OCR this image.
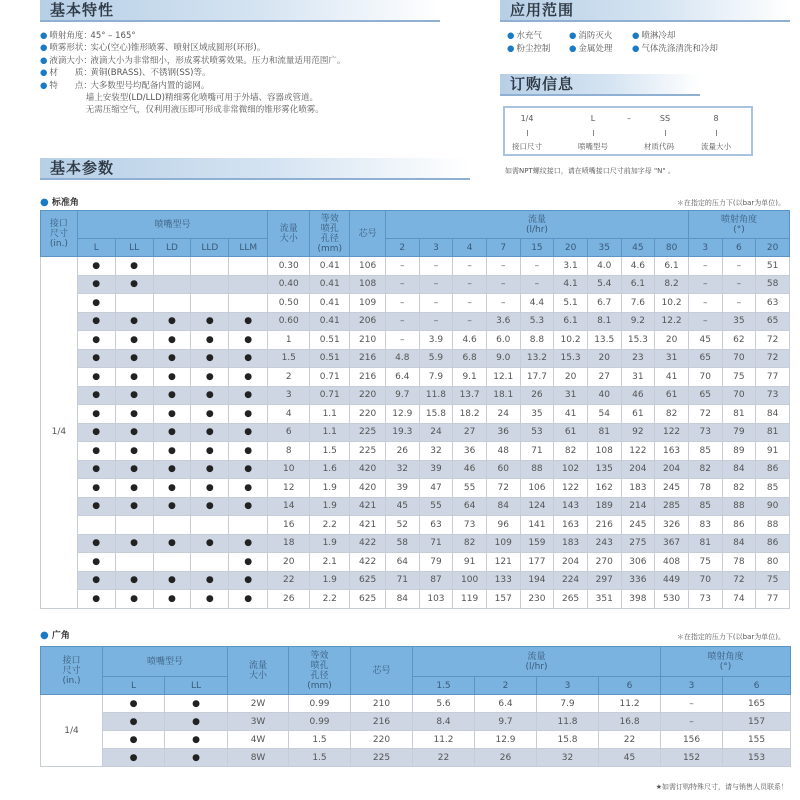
基本特性	应用范围
订购信息
基本参数
● 喷射角度：
45° – 165°
● 喷雾形状：
实心(空心)锥形喷雾、喷射区域成圆形(环形)。
● 液滴大小：
液滴大小为非常细小，形成雾状喷雾效果。压力和流量适用范围广。
● 材　　质：
黄铜(BRASS)、不锈钢(SS)等。
● 特　　点：
大多数型号均配备内置的滤网。
墙上安装型(LD/LLD)精细雾化喷嘴可用于外墙、容器或管道。
无需压缩空气，仅利用液压即可形成非常微细的锥形雾化喷雾。
● 水充气	● 消防灭火	● 喷淋冷却
● 粉尘控制	● 金属处理	● 气体洗涤清洗和冷却
1/4
接口尺寸
L
喷嘴型号
–	SS
材质代码
8
流量大小
如需NPT螺纹接口，请在喷嘴接口尺寸前加字母 "N" 。
● 标准角	＊在指定的压力下(以bar为单位)。
接口
尺寸
(in.)	喷嘴型号					流量
大小	等效
喷孔
孔径
(mm)	芯号	流量
(l/hr)									喷射角度
(°)		
	L	LL	LD	LLD	LLM				2	3	4	7	15	20	35	45	80	3	6	20
1/4	●	●				0.30	0.41	106	–	–	–	–	–	3.1	4.0	4.6	6.1	–	–	51
	●	●				0.40	0.41	108	–	–	–	–	–	4.1	5.4	6.1	8.2	–	–	58
	●					0.50	0.41	109	–	–	–	–	4.4	5.1	6.7	7.6	10.2	–	–	63
	●	●	●	●	●	0.60	0.41	206	–	–	–	3.6	5.3	6.1	8.1	9.2	12.2	–	35	65
	●	●	●	●	●	1	0.51	210	–	3.9	4.6	6.0	8.8	10.2	13.5	15.3	20	45	62	72
	●	●	●	●	●	1.5	0.51	216	4.8	5.9	6.8	9.0	13.2	15.3	20	23	31	65	70	72
	●	●	●	●	●	2	0.71	216	6.4	7.9	9.1	12.1	17.7	20	27	31	41	70	75	77
	●	●	●	●	●	3	0.71	220	9.7	11.8	13.7	18.1	26	31	40	46	61	65	70	73
	●	●	●	●	●	4	1.1	220	12.9	15.8	18.2	24	35	41	54	61	82	72	81	84
	●	●	●	●	●	6	1.1	225	19.3	24	27	36	53	61	81	92	122	73	79	81
	●	●	●	●	●	8	1.5	225	26	32	36	48	71	82	108	122	163	85	89	91
	●	●	●	●	●	10	1.6	420	32	39	46	60	88	102	135	204	204	82	84	86
	●	●	●	●	●	12	1.9	420	39	47	55	72	106	122	162	183	245	78	82	85
	●	●	●	●	●	14	1.9	421	45	55	64	84	124	143	189	214	285	85	88	90
						16	2.2	421	52	63	73	96	141	163	216	245	326	83	86	88
	●	●	●	●	●	18	1.9	422	58	71	82	109	159	183	243	275	367	81	84	86
	●				●	20	2.1	422	64	79	91	121	177	204	270	306	408	75	78	80
	●	●	●	●	●	22	1.9	625	71	87	100	133	194	224	297	336	449	70	72	75
	●	●	●	●	●	26	2.2	625	84	103	119	157	230	265	351	398	530	73	74	77
● 广角	＊在指定的压力下(以bar为单位)。
接口
尺寸
(in.)	喷嘴型号		流量
大小	等效
喷孔
孔径
(mm)	芯号	流量
(l/hr)				喷射角度
(°)	
	L	LL				1.5	2	3	6	3	6
1/4	●	●	2W	0.99	210	5.6	6.4	7.9	11.2	–	165
	●	●	3W	0.99	216	8.4	9.7	11.8	16.8	–	157
	●	●	4W	1.5	220	11.2	12.9	15.8	22	156	155
	●	●	8W	1.5	225	22	26	32	45	152	153
★如需订购特殊尺寸，请与销售人员联系！
